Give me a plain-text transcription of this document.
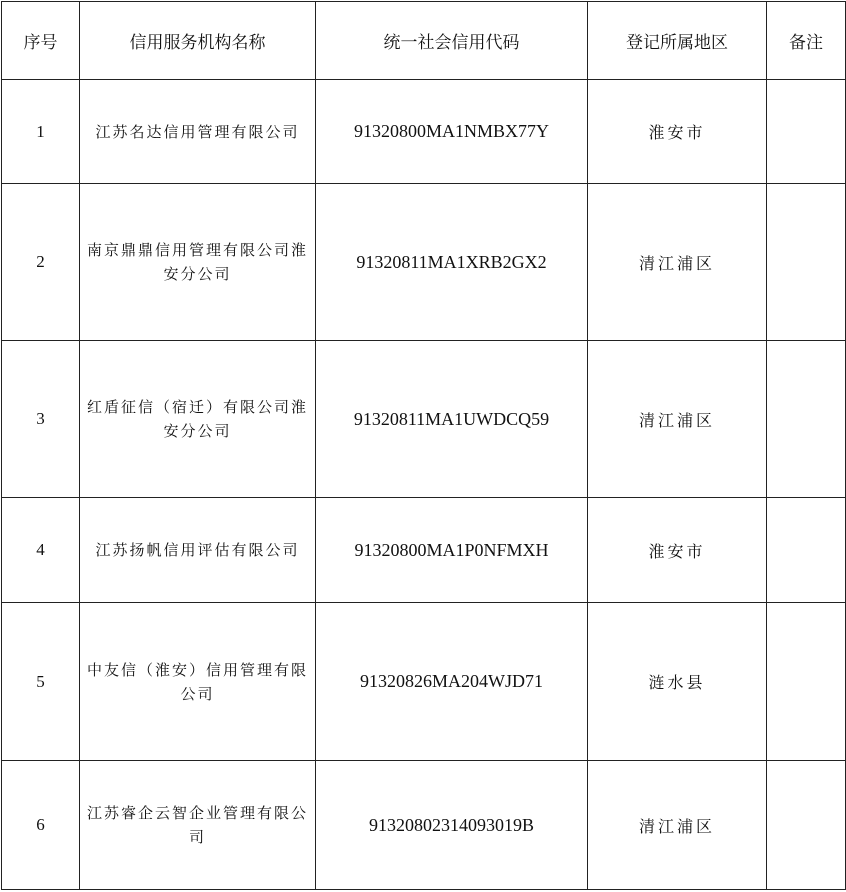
序号	信用服务机构名称	统一社会信用代码	登记所属地区	备注
1	江苏名达信用管理有限公司	91320800MA1NMBX77Y	淮安市	
2	南京鼎鼎信用管理有限公司淮安分公司	91320811MA1XRB2GX2	清江浦区	
3	红盾征信（宿迁）有限公司淮安分公司	91320811MA1UWDCQ59	清江浦区	
4	江苏扬帆信用评估有限公司	91320800MA1P0NFMXH	淮安市	
5	中友信（淮安）信用管理有限公司	91320826MA204WJD71	涟水县	
6	江苏睿企云智企业管理有限公司	91320802314093019B	清江浦区	
